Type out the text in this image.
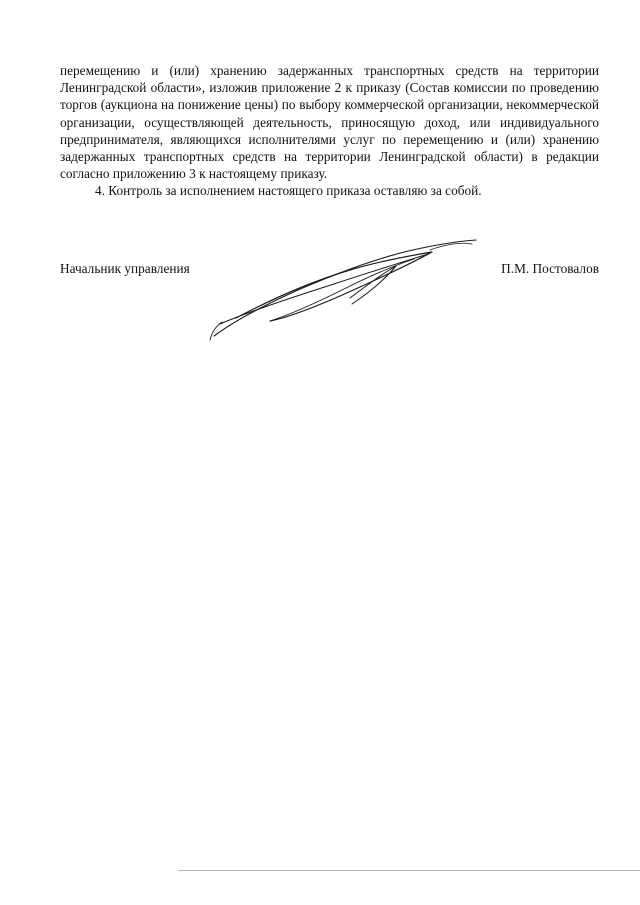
перемещению и (или) хранению задержанных транспортных средств на территории Ленинградской области», изложив приложение 2 к приказу (Состав комиссии по проведению торгов (аукциона на понижение цены) по выбору коммерческой организации, некоммерческой организации, осуществляющей деятельность, приносящую доход, или индивидуального предпринимателя, являющихся исполнителями услуг по перемещению и (или) хранению задержанных транспортных средств на территории Ленинградской области) в редакции согласно приложению 3 к настоящему приказу.

4. Контроль за исполнением настоящего приказа оставляю за собой.

Начальник управления	П.М. Постовалов
